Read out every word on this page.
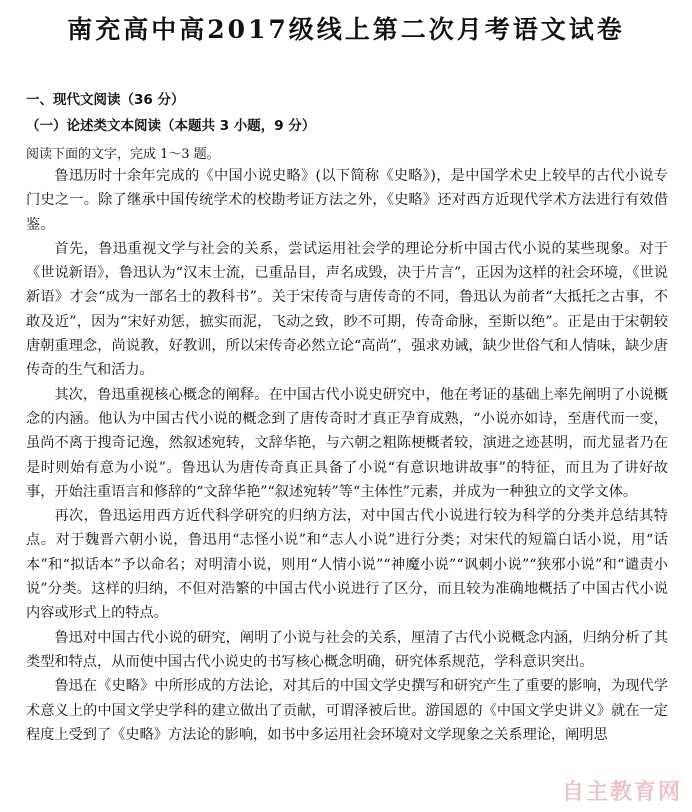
南充高中高2017级线上第二次月考语文试卷
一、现代文阅读（36 分）
（一）论述类文本阅读（本题共 3 小题，9 分）
阅读下面的文字，完成 1～3 题。

鲁迅历时十余年完成的《中国小说史略》(以下简称《史略》)，是中国学术史上较早的古代小说专门史之一。除了继承中国传统学术的校勘考证方法之外，《史略》还对西方近现代学术方法进行有效借鉴。

首先，鲁迅重视文学与社会的关系，尝试运用社会学的理论分析中国古代小说的某些现象。对于《世说新语》，鲁迅认为“汉末士流，已重品目，声名成毁，决于片言”，正因为这样的社会环境，《世说新语》才会“成为一部名士的教科书”。关于宋传奇与唐传奇的不同，鲁迅认为前者“大抵托之古事，不敢及近”，因为“宋好劝惩，摭实而泥，飞动之致，眇不可期，传奇命脉，至斯以绝”。正是由于宋朝较唐朝重理念，尚说教，好教训，所以宋传奇必然立论“高尚”，强求劝诫，缺少世俗气和人情味，缺少唐传奇的生气和活力。

其次，鲁迅重视核心概念的阐释。在中国古代小说史研究中，他在考证的基础上率先阐明了小说概念的内涵。他认为中国古代小说的概念到了唐传奇时才真正孕育成熟，“小说亦如诗，至唐代而一变，虽尚不离于搜奇记逸，然叙述宛转，文辞华艳，与六朝之粗陈梗概者较，演进之迹甚明，而尤显者乃在是时则始有意为小说”。鲁迅认为唐传奇真正具备了小说“有意识地讲故事”的特征，而且为了讲好故事，开始注重语言和修辞的“文辞华艳”“叙述宛转”等“主体性”元素，并成为一种独立的文学文体。

再次，鲁迅运用西方近代科学研究的归纳方法，对中国古代小说进行较为科学的分类并总结其特点。对于魏晋六朝小说，鲁迅用“志怪小说”和“志人小说”进行分类；对宋代的短篇白话小说，用“话本”和“拟话本”予以命名；对明清小说，则用“人情小说”“神魔小说”“讽刺小说”“狭邪小说”和“谴责小说”分类。这样的归纳，不但对浩繁的中国古代小说进行了区分，而且较为准确地概括了中国古代小说内容或形式上的特点。

鲁迅对中国古代小说的研究，阐明了小说与社会的关系，厘清了古代小说概念内涵，归纳分析了其类型和特点，从而使中国古代小说史的书写核心概念明确，研究体系规范，学科意识突出。

鲁迅在《史略》中所形成的方法论，对其后的中国文学史撰写和研究产生了重要的影响，为现代学术意义上的中国文学史学科的建立做出了贡献，可谓泽被后世。游国恩的《中国文学史讲义》就在一定程度上受到了《史略》方法论的影响，如书中多运用社会环境对文学现象之关系理论，阐明思

自主教育网
